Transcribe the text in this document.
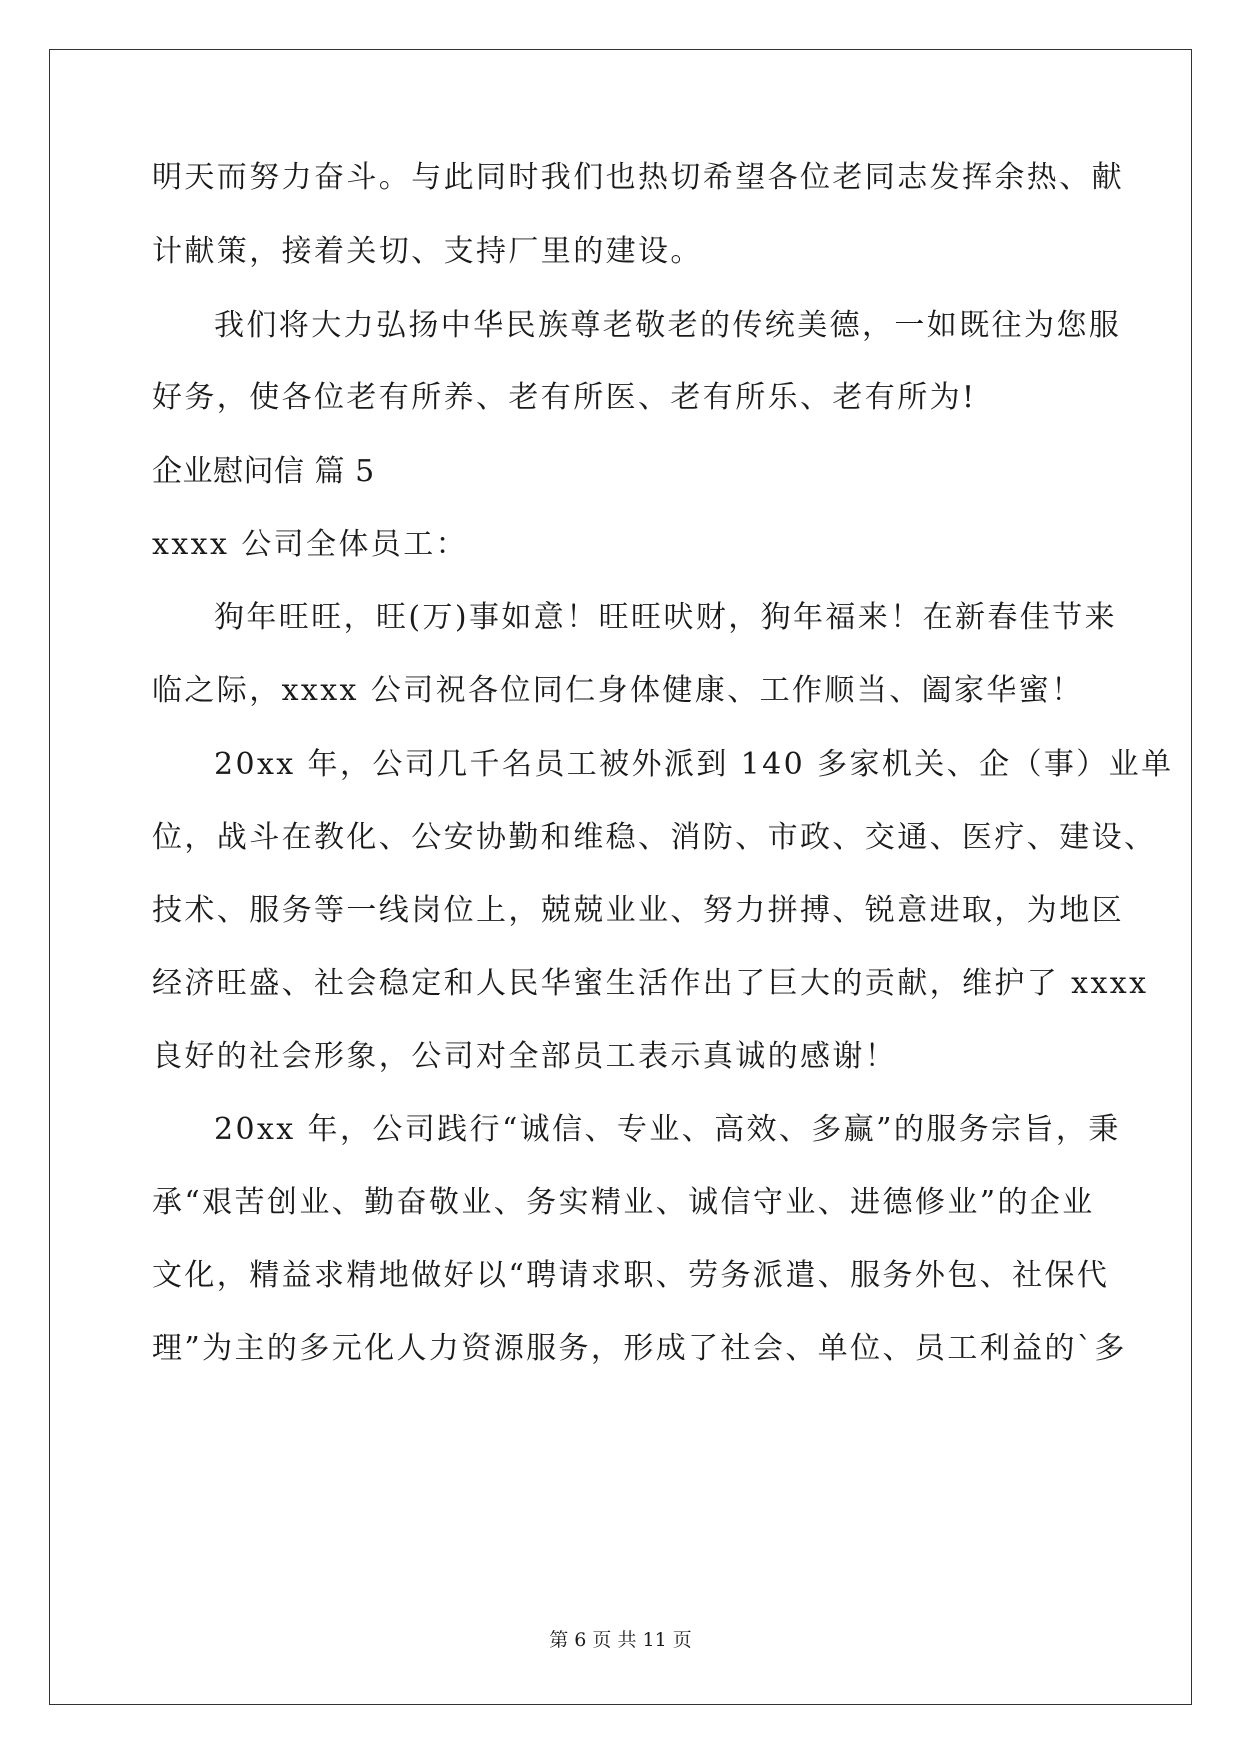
明天而努力奋斗。与此同时我们也热切希望各位老同志发挥余热、献
计献策，接着关切、支持厂里的建设。
我们将大力弘扬中华民族尊老敬老的传统美德，一如既往为您服
好务，使各位老有所养、老有所医、老有所乐、老有所为!
企业慰问信 篇 5
xxxx 公司全体员工：
狗年旺旺，旺(万)事如意！旺旺吠财，狗年福来！在新春佳节来
临之际，xxxx 公司祝各位同仁身体健康、工作顺当、阖家华蜜！
20xx 年，公司几千名员工被外派到 140 多家机关、企（事）业单
位，战斗在教化、公安协勤和维稳、消防、市政、交通、医疗、建设、
技术、服务等一线岗位上，兢兢业业、努力拼搏、锐意进取，为地区
经济旺盛、社会稳定和人民华蜜生活作出了巨大的贡献，维护了 xxxx
良好的社会形象，公司对全部员工表示真诚的感谢！
20xx 年，公司践行“诚信、专业、高效、多赢”的服务宗旨，秉
承“艰苦创业、勤奋敬业、务实精业、诚信守业、进德修业”的企业
文化，精益求精地做好以“聘请求职、劳务派遣、服务外包、社保代
理”为主的多元化人力资源服务，形成了社会、单位、员工利益的`多
第 6 页 共 11 页
